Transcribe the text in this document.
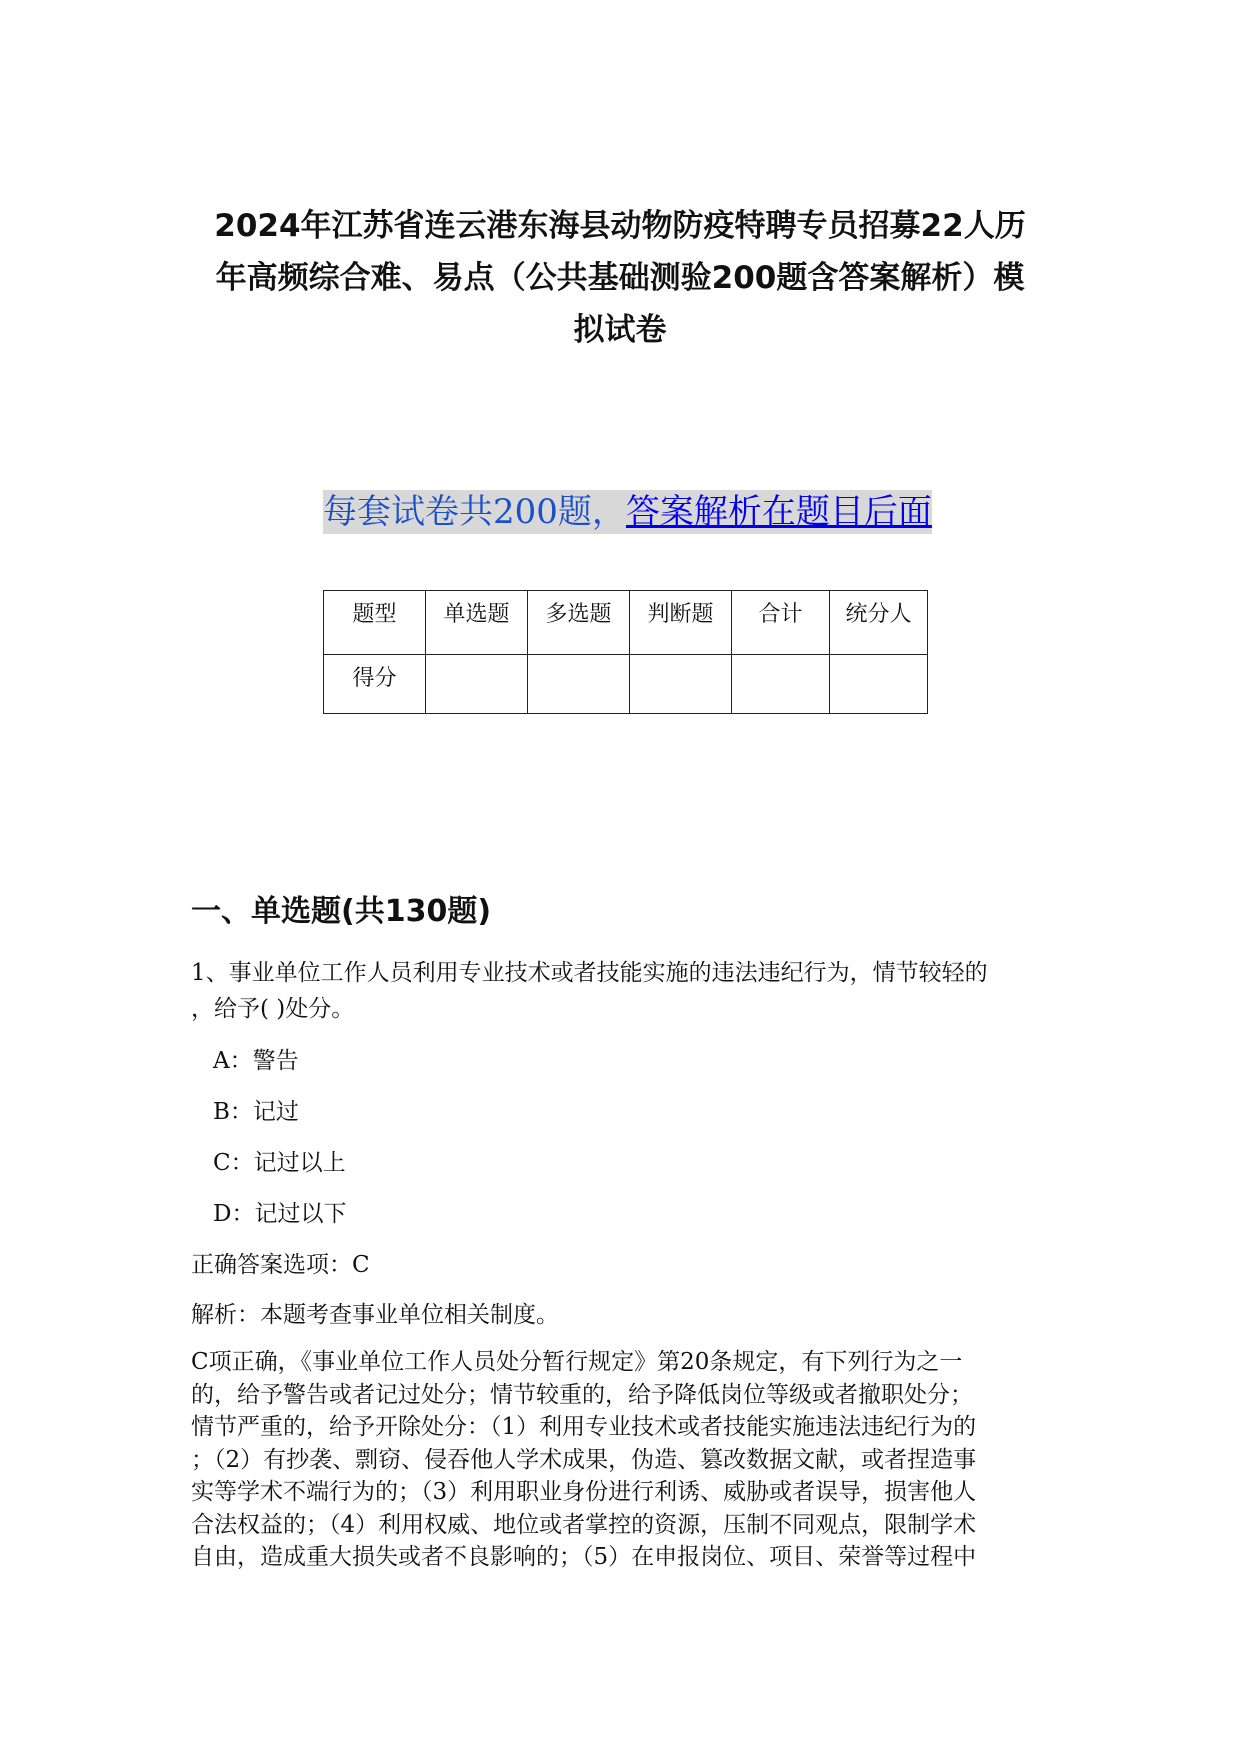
2024年江苏省连云港东海县动物防疫特聘专员招募22人历
年高频综合难、易点（公共基础测验200题含答案解析）模
拟试卷
每套试卷共200题，答案解析在题目后面
题型	单选题	多选题	判断题	合计	统分人
得分					
一、单选题(共130题)
1、事业单位工作人员利用专业技术或者技能实施的违法违纪行为，情节较轻的
，给予( )处分。
A：警告
B：记过
C：记过以上
D：记过以下
正确答案选项：C
解析：本题考查事业单位相关制度。
C项正确，《事业单位工作人员处分暂行规定》第20条规定，有下列行为之一
的，给予警告或者记过处分；情节较重的，给予降低岗位等级或者撤职处分；
情节严重的，给予开除处分：（1）利用专业技术或者技能实施违法违纪行为的
；（2）有抄袭、剽窃、侵吞他人学术成果，伪造、篡改数据文献，或者捏造事
实等学术不端行为的；（3）利用职业身份进行利诱、威胁或者误导，损害他人
合法权益的；（4）利用权威、地位或者掌控的资源，压制不同观点，限制学术
自由，造成重大损失或者不良影响的；（5）在申报岗位、项目、荣誉等过程中
